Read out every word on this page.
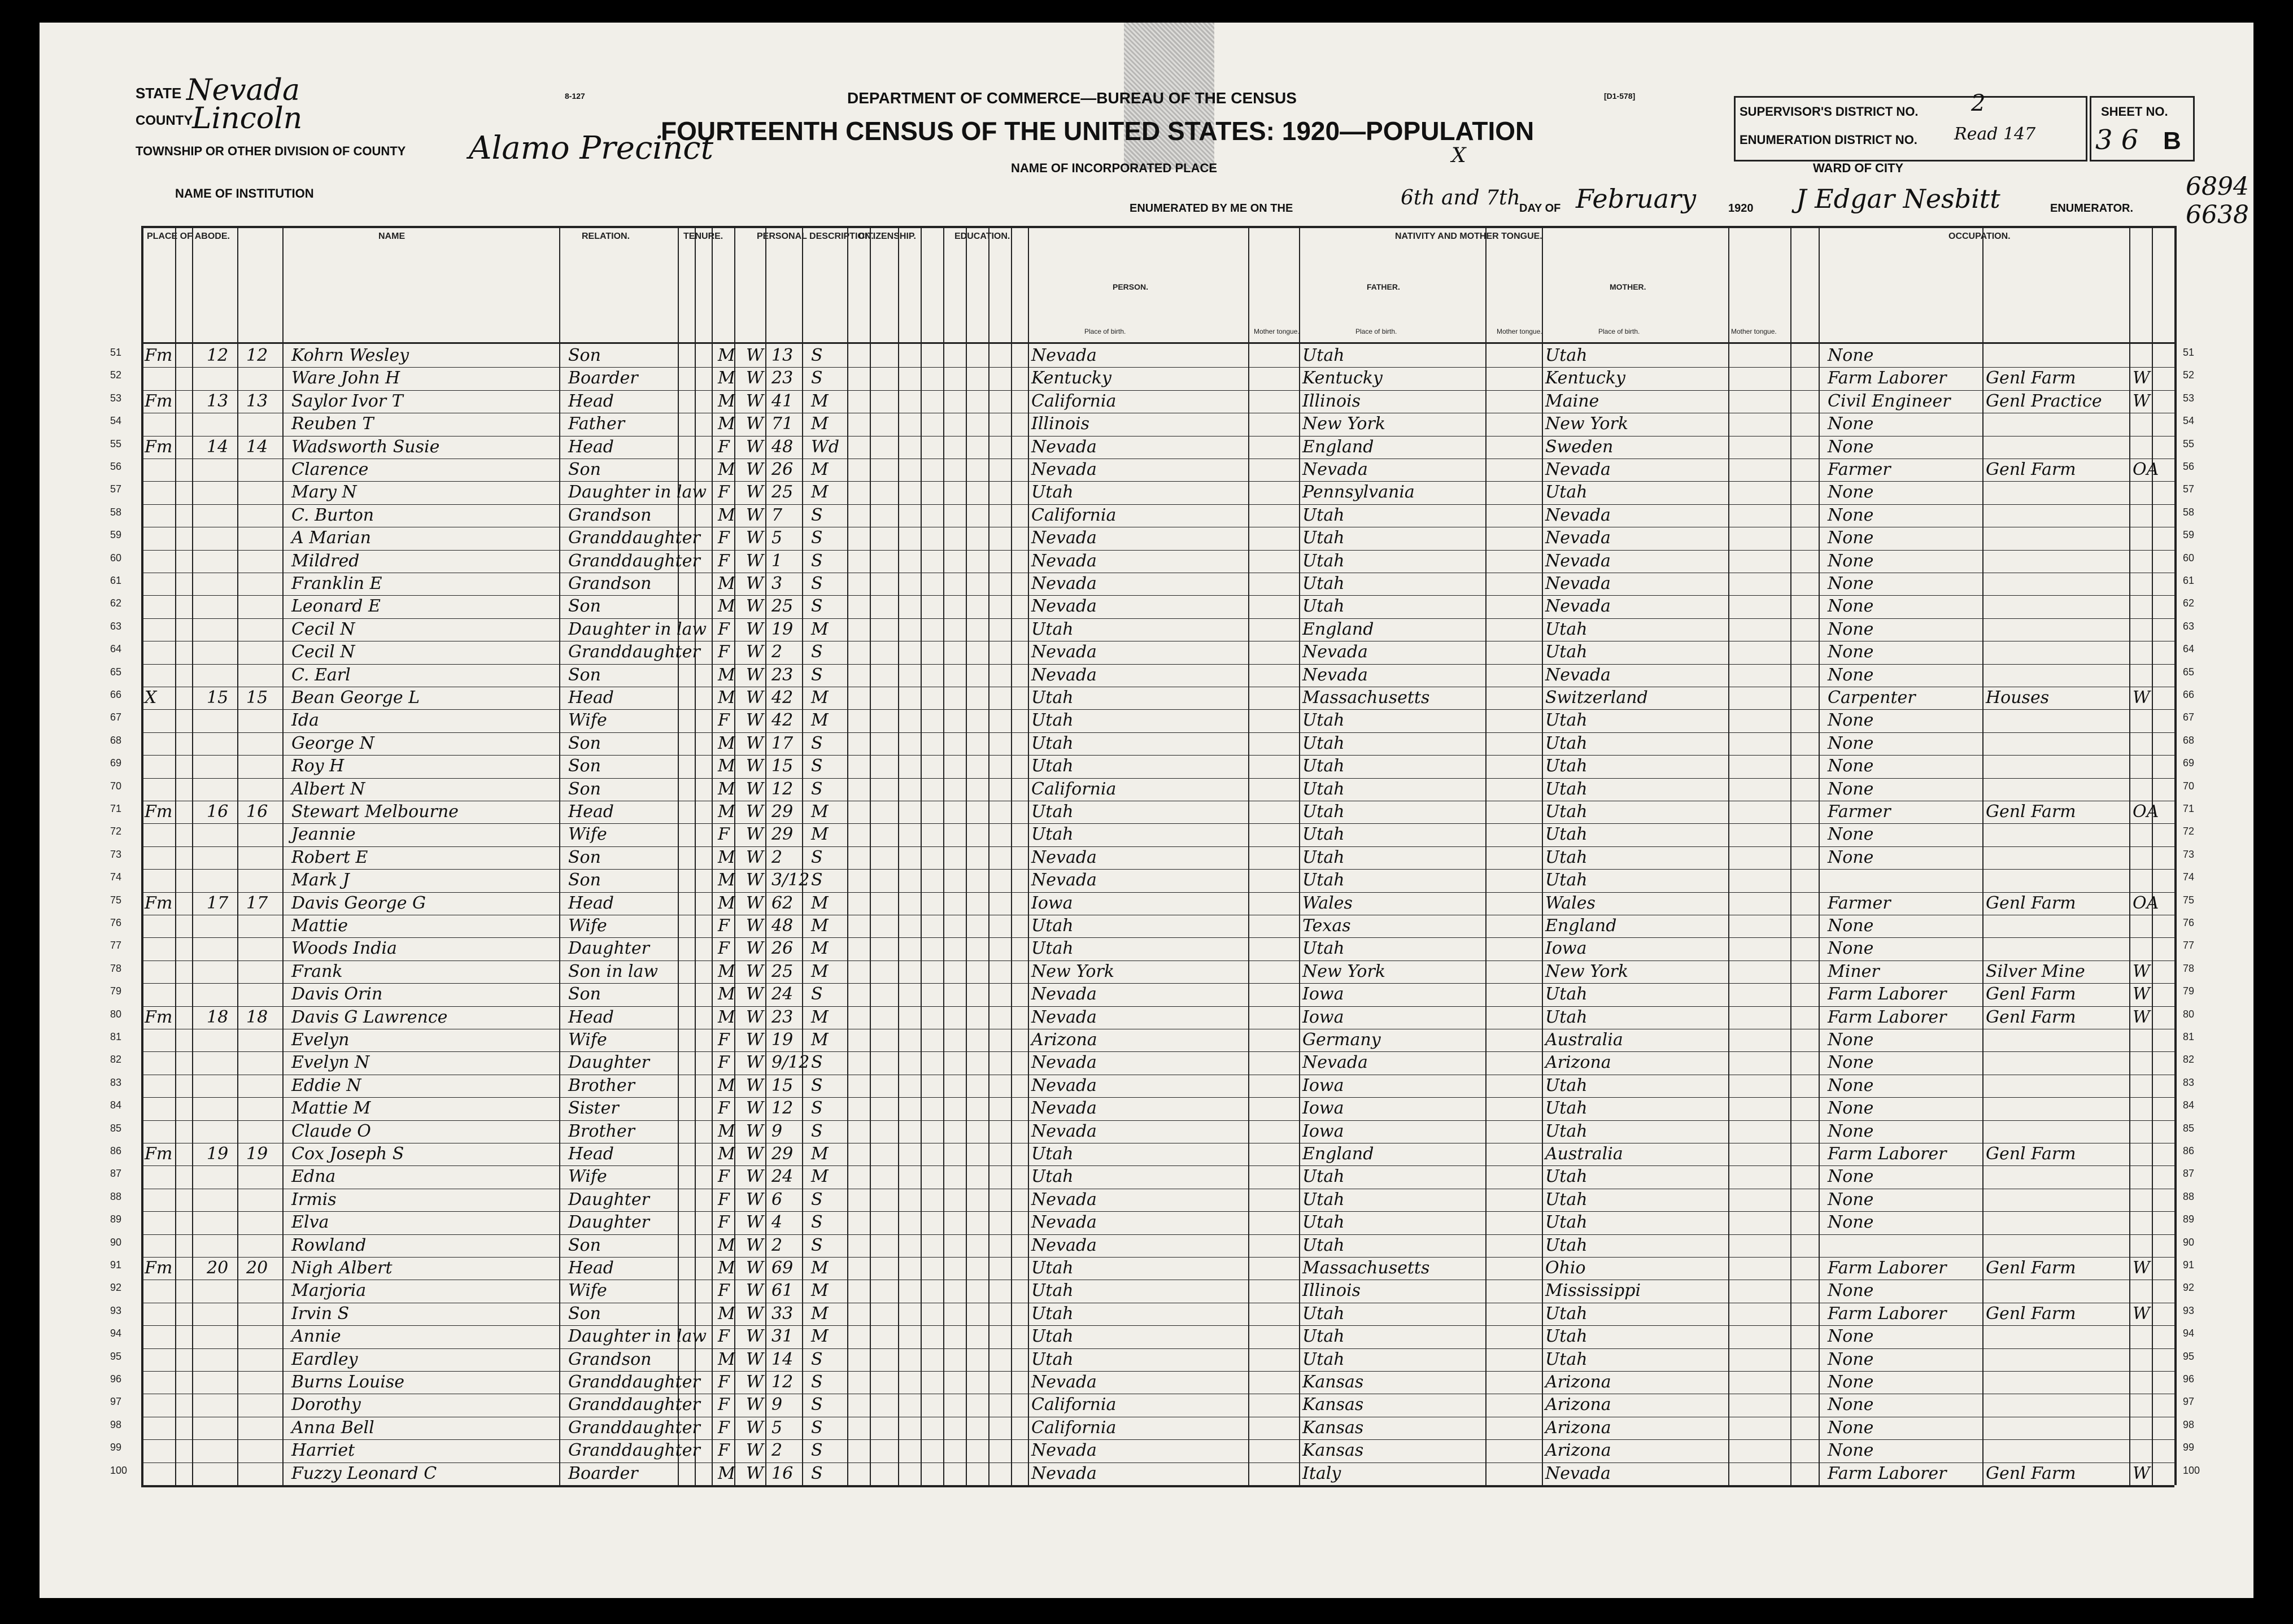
STATE Nevada
COUNTY
Lincoln
TOWNSHIP OR OTHER DIVISION OF COUNTY Alamo Precinct
NAME OF INSTITUTION
8-127	DEPARTMENT OF COMMERCE—BUREAU OF THE CENSUS
FOURTEENTH CENSUS OF THE UNITED STATES: 1920—POPULATION
[D1-578]
NAME OF INCORPORATED PLACE
X
WARD OF CITY
ENUMERATED BY ME ON THE	6th and 7th
DAY OF February	1920 J Edgar Nesbitt	ENUMERATOR.
SUPERVISOR'S DISTRICT NO. 2
ENUMERATION DISTRICT NO. Read 147
SHEET NO.
3 6 B
6894
6638
PLACE OF ABODE.	NAME	RELATION.	TENURE.	PERSONAL DESCRIPTION.
CITIZENSHIP.	EDUCATION.	NATIVITY AND MOTHER TONGUE.	OCCUPATION.
PERSON.	FATHER.	MOTHER.
Place of birth.	Mother tongue.	Place of birth.	Mother tongue.	Place of birth.	Mother tongue.
51	51
Fm	12	12	Kohrn Wesley	Son	M W 13	S	Nevada	Utah	Utah	None
52	52
Ware John H	Boarder	M W 23	S	Kentucky	Kentucky	Kentucky	Farm Laborer	Genl Farm	W
53	53
Fm	13	13	Saylor Ivor T	Head	M W 41	M	California	Illinois	Maine	Civil Engineer	Genl Practice	W
54	54
Reuben T	Father	M W 71	M	Illinois	New York	New York	None
55	55
Fm	14	14	Wadsworth Susie	Head	F W 48	Wd	Nevada	England	Sweden	None
56	56
Clarence	Son	M W 26	M	Nevada	Nevada	Nevada	Farmer	Genl Farm	OA
57	57
Mary N	Daughter in law F W 25	M	Utah	Pennsylvania	Utah	None
58	58
C. Burton	Grandson	M W 7	S	California	Utah	Nevada	None
59	59
A Marian	Granddaughter F W 5	S	Nevada	Utah	Nevada	None
60	60
Mildred	Granddaughter F W 1	S	Nevada	Utah	Nevada	None
61	61
Franklin E	Grandson	M W 3	S	Nevada	Utah	Nevada	None
62	62
Leonard E	Son	M W 25	S	Nevada	Utah	Nevada	None
63	63
Cecil N	Daughter in law F W 19	M	Utah	England	Utah	None
64	64
Cecil N	Granddaughter F W 2	S	Nevada	Nevada	Utah	None
65	65
C. Earl	Son	M W 23	S	Nevada	Nevada	Nevada	None
66	66
X	15	15	Bean George L	Head	M W 42	M	Utah	Massachusetts	Switzerland	Carpenter	Houses	W
67	67
Ida	Wife	F W 42	M	Utah	Utah	Utah	None
68	68
George N	Son	M W 17	S	Utah	Utah	Utah	None
69	69
Roy H	Son	M W 15	S	Utah	Utah	Utah	None
70	70
Albert N	Son	M W 12	S	California	Utah	Utah	None
71	71
Fm	16	16	Stewart Melbourne	Head	M W 29	M	Utah	Utah	Utah	Farmer	Genl Farm	OA
72	72
Jeannie	Wife	F W 29	M	Utah	Utah	Utah	None
73	73
Robert E	Son	M W 2	S	Nevada	Utah	Utah	None
74	74
Mark J	Son	M W 3/12 S	Nevada	Utah	Utah
75	75
Fm	17	17	Davis George G	Head	M W 62	M	Iowa	Wales	Wales	Farmer	Genl Farm	OA
76	76
Mattie	Wife	F W 48	M	Utah	Texas	England	None
77	77
Woods India	Daughter	F W 26	M	Utah	Utah	Iowa	None
78	78
Frank	Son in law	M W 25	M	New York	New York	New York	Miner	Silver Mine	W
79	79
Davis Orin	Son	M W 24	S	Nevada	Iowa	Utah	Farm Laborer	Genl Farm	W
80	80
Fm	18	18	Davis G Lawrence	Head	M W 23	M	Nevada	Iowa	Utah	Farm Laborer	Genl Farm	W
81	81
Evelyn	Wife	F W 19	M	Arizona	Germany	Australia	None
82	82
Evelyn N	Daughter	F W 9/12 S	Nevada	Nevada	Arizona	None
83	83
Eddie N	Brother	M W 15	S	Nevada	Iowa	Utah	None
84	84
Mattie M	Sister	F W 12	S	Nevada	Iowa	Utah	None
85	85
Claude O	Brother	M W 9	S	Nevada	Iowa	Utah	None
86	86
Fm	19	19	Cox Joseph S	Head	M W 29	M	Utah	England	Australia	Farm Laborer	Genl Farm
87	87
Edna	Wife	F W 24	M	Utah	Utah	Utah	None
88	88
Irmis	Daughter	F W 6	S	Nevada	Utah	Utah	None
89	89
Elva	Daughter	F W 4	S	Nevada	Utah	Utah	None
90	90
Rowland	Son	M W 2	S	Nevada	Utah	Utah
91	91
Fm	20	20	Nigh Albert	Head	M W 69	M	Utah	Massachusetts	Ohio	Farm Laborer	Genl Farm	W
92	92
Marjoria	Wife	F W 61	M	Utah	Illinois	Mississippi	None
93	93
Irvin S	Son	M W 33	M	Utah	Utah	Utah	Farm Laborer	Genl Farm	W
94	94
Annie	Daughter in law F W 31	M	Utah	Utah	Utah	None
95	95
Eardley	Grandson	M W 14	S	Utah	Utah	Utah	None
96	96
Burns Louise	Granddaughter F W 12	S	Nevada	Kansas	Arizona	None
97	97
Dorothy	Granddaughter F W 9	S	California	Kansas	Arizona	None
98	98
Anna Bell	Granddaughter F W 5	S	California	Kansas	Arizona	None
99	99
Harriet	Granddaughter F W 2	S	Nevada	Kansas	Arizona	None
100	100
Fuzzy Leonard C	Boarder	M W 16	S	Nevada	Italy	Nevada	Farm Laborer	Genl Farm	W
